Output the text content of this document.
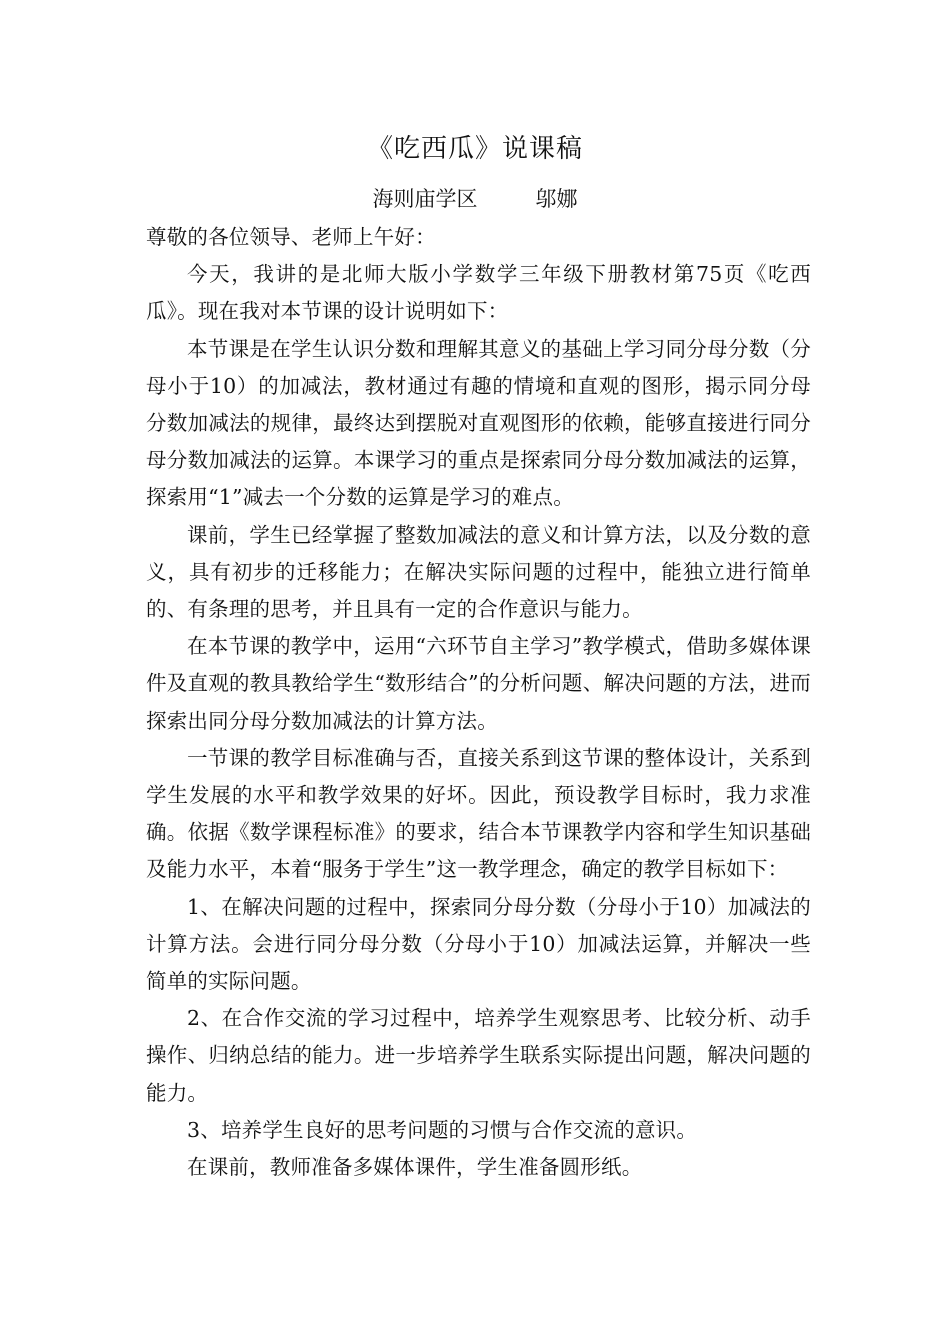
《吃西瓜》说课稿
海则庙学区	邬娜

尊敬的各位领导、老师上午好：

今天，我讲的是北师大版小学数学三年级下册教材第75页《吃西瓜》。现在我对本节课的设计说明如下：

本节课是在学生认识分数和理解其意义的基础上学习同分母分数（分母小于10）的加减法，教材通过有趣的情境和直观的图形，揭示同分母分数加减法的规律，最终达到摆脱对直观图形的依赖，能够直接进行同分母分数加减法的运算。本课学习的重点是探索同分母分数加减法的运算，探索用“1”减去一个分数的运算是学习的难点。

课前，学生已经掌握了整数加减法的意义和计算方法，以及分数的意义，具有初步的迁移能力；在解决实际问题的过程中，能独立进行简单的、有条理的思考，并且具有一定的合作意识与能力。

在本节课的教学中，运用“六环节自主学习”教学模式，借助多媒体课件及直观的教具教给学生“数形结合”的分析问题、解决问题的方法，进而探索出同分母分数加减法的计算方法。

一节课的教学目标准确与否，直接关系到这节课的整体设计，关系到学生发展的水平和教学效果的好坏。因此，预设教学目标时，我力求准确。依据《数学课程标准》的要求，结合本节课教学内容和学生知识基础及能力水平，本着“服务于学生”这一教学理念，确定的教学目标如下：

1、在解决问题的过程中，探索同分母分数（分母小于10）加减法的计算方法。会进行同分母分数（分母小于10）加减法运算，并解决一些简单的实际问题。

2、在合作交流的学习过程中，培养学生观察思考、比较分析、动手操作、归纳总结的能力。进一步培养学生联系实际提出问题，解决问题的能力。

3、培养学生良好的思考问题的习惯与合作交流的意识。

在课前，教师准备多媒体课件，学生准备圆形纸。
